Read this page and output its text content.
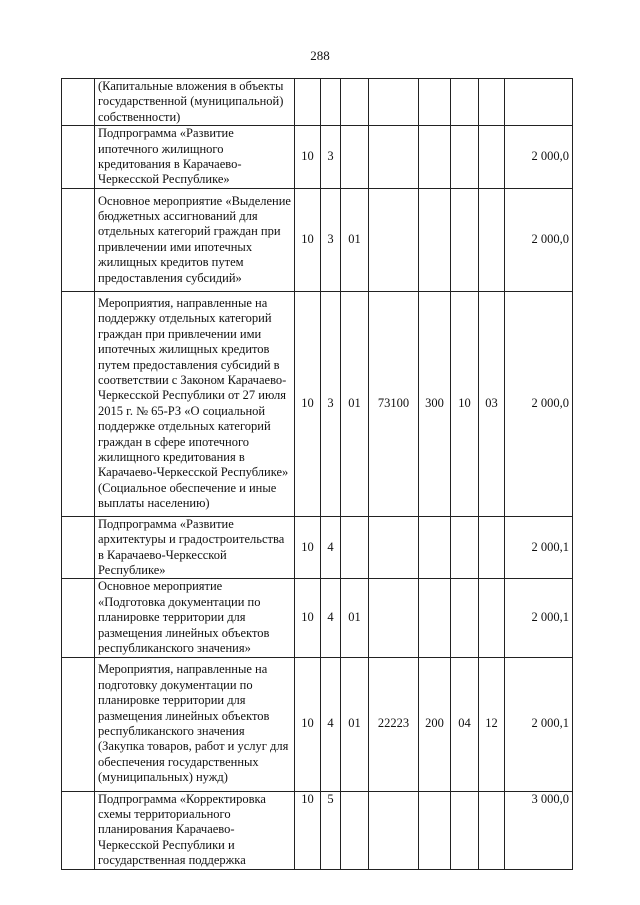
288
	(Капитальные вложения в объекты государственной (муниципальной) собственности)								
	Подпрограмма «Развитие ипотечного жилищного кредитования в Карачаево-Черкесской Республике»	10	3						2 000,0
	Основное мероприятие «Выделение бюджетных ассигнований для отдельных категорий граждан при привлечении ими ипотечных жилищных кредитов путем предоставления субсидий»	10	3	01					2 000,0
	Мероприятия, направленные на поддержку отдельных категорий граждан при привлечении ими ипотечных жилищных кредитов путем предоставления субсидий в соответствии с Законом Карачаево-Черкесской Республики от 27 июля 2015 г. № 65-РЗ «О социальной поддержке отдельных категорий граждан в сфере ипотечного жилищного кредитования в Карачаево-Черкесской Республике» (Социальное обеспечение и иные выплаты населению)	10	3	01	73100	300	10	03	2 000,0
	Подпрограмма «Развитие архитектуры и градостроительства в Карачаево-Черкесской Республике»	10	4						2 000,1
	Основное мероприятие «Подготовка документации по планировке территории для размещения линейных объектов республиканского значения»	10	4	01					2 000,1
	Мероприятия, направленные на подготовку документации по планировке территории для размещения линейных объектов республиканского значения (Закупка товаров, работ и услуг для обеспечения государственных (муниципальных) нужд)	10	4	01	22223	200	04	12	2 000,1
	Подпрограмма «Корректировка схемы территориального планирования Карачаево-Черкесской Республики и государственная поддержка	10	5						3 000,0
